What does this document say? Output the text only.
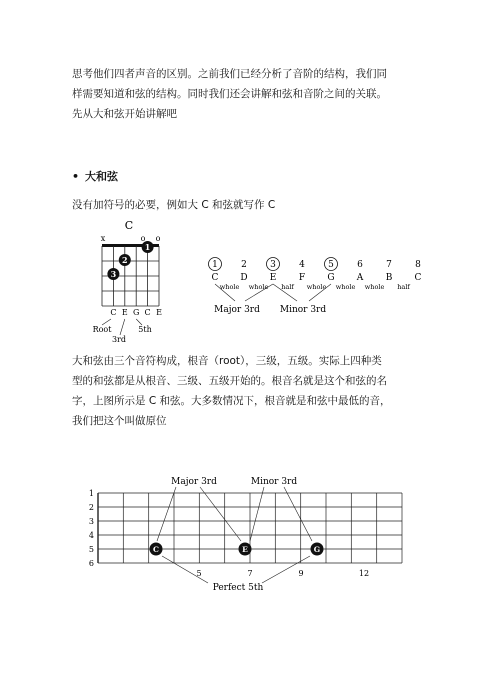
思考他们四者声音的区别。之前我们已经分析了音阶的结构，我们同
样需要知道和弦的结构。同时我们还会讲解和弦和音阶之间的关联。
先从大和弦开始讲解吧

• 大和弦

没有加符号的必要，例如大 C 和弦就写作 C

C
x	o o
1
2
3
C E G C E
Root	5th
3rd
1	2	3	4	5	6	7	8
C D E	F G A B C
whole whole half whole whole whole half
Major 3rd Minor 3rd

大和弦由三个音符构成，根音（root），三级，五级。实际上四种类
型的和弦都是从根音、三级、五级开始的。根音名就是这个和弦的名
字，上图所示是 C 和弦。大多数情况下，根音就是和弦中最低的音，
我们把这个叫做原位

Major 3rd	Minor 3rd
1
2
3
4
5
6
C	E	G
5	7	9	12
Perfect 5th
